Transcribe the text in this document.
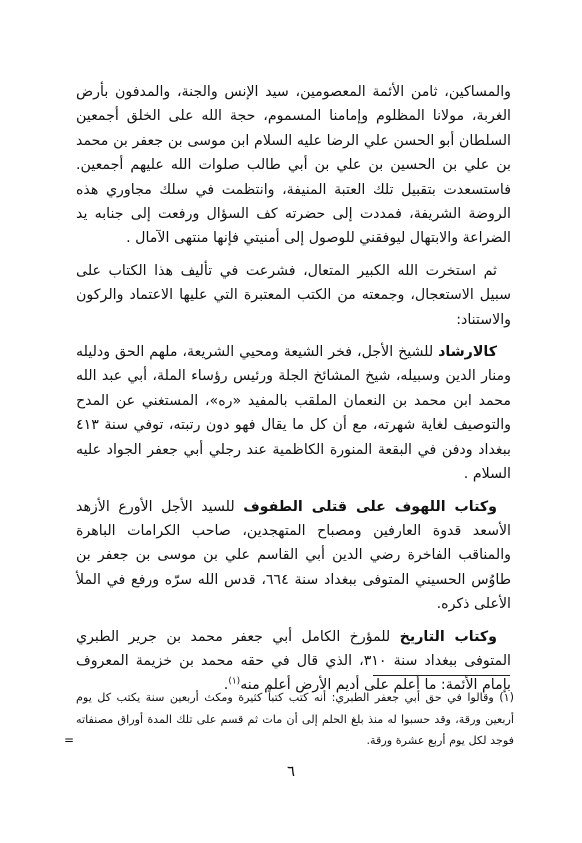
والمساكين، ثامن الأئمة المعصومين، سيد الإنس والجنة، والمدفون بأرض الغربة، مولانا المظلوم وإمامنا المسموم، حجة الله على الخلق أجمعين السلطان أبو الحسن علي الرضا عليه السلام ابن موسى بن جعفر بن محمد بن علي بن الحسين بن علي بن أبي طالب صلوات الله عليهم أجمعين. فاستسعدت بتقبيل تلك العتبة المنيفة، وانتظمت في سلك مجاوري هذه الروضة الشريفة، فمددت إلى حضرته كف السؤال ورفعت إلى جنابه يد الضراعة والابتهال ليوفقني للوصول إلى أمنيتي فإنها منتهى الآمال .

ثم استخرت الله الكبير المتعال، فشرعت في تأليف هذا الكتاب على سبيل الاستعجال، وجمعته من الكتب المعتبرة التي عليها الاعتماد والركون والاستناد:

كالارشاد للشيخ الأجل، فخر الشيعة ومحيي الشريعة، ملهم الحق ودليله ومنار الدين وسبيله، شيخ المشائخ الجلة ورئيس رؤساء الملة، أبي عبد الله محمد ابن محمد بن النعمان الملقب بالمفيد «ره»، المستغني عن المدح والتوصيف لغاية شهرته، مع أن كل ما يقال فهو دون رتبته، توفي سنة ٤١٣ ببغداد ودفن في البقعة المنورة الكاظمية عند رجلي أبي جعفر الجواد عليه السلام .

وكتاب اللهوف على قتلى الطفوف للسيد الأجل الأورع الأزهد الأسعد قدوة العارفين ومصباح المتهجدين، صاحب الكرامات الباهرة والمناقب الفاخرة رضي الدين أبي القاسم علي بن موسى بن جعفر بن طاوُس الحسيني المتوفى ببغداد سنة ٦٦٤، قدس الله سرّه ورفع في الملأ الأعلى ذكره.

وكتاب التاريخ للمؤرخ الكامل أبي جعفر محمد بن جرير الطبري المتوفى ببغداد سنة ٣١٠، الذي قال في حقه محمد بن خزيمة المعروف بإمام الأئمة: ما أعلم على أديم الأرض أعلم منه$^{(١)}$.

(١) وقالوا في حق أبي جعفر الطبري: أنه كتب كتباً كثيرة ومكث أربعين سنة يكتب كل يوم أربعين ورقة، وقد حسبوا له منذ بلغ الحلم إلى أن مات ثم قسم على تلك المدة أوراق مصنفاته فوجد لكل يوم أربع عشرة ورقة.

=
٦
